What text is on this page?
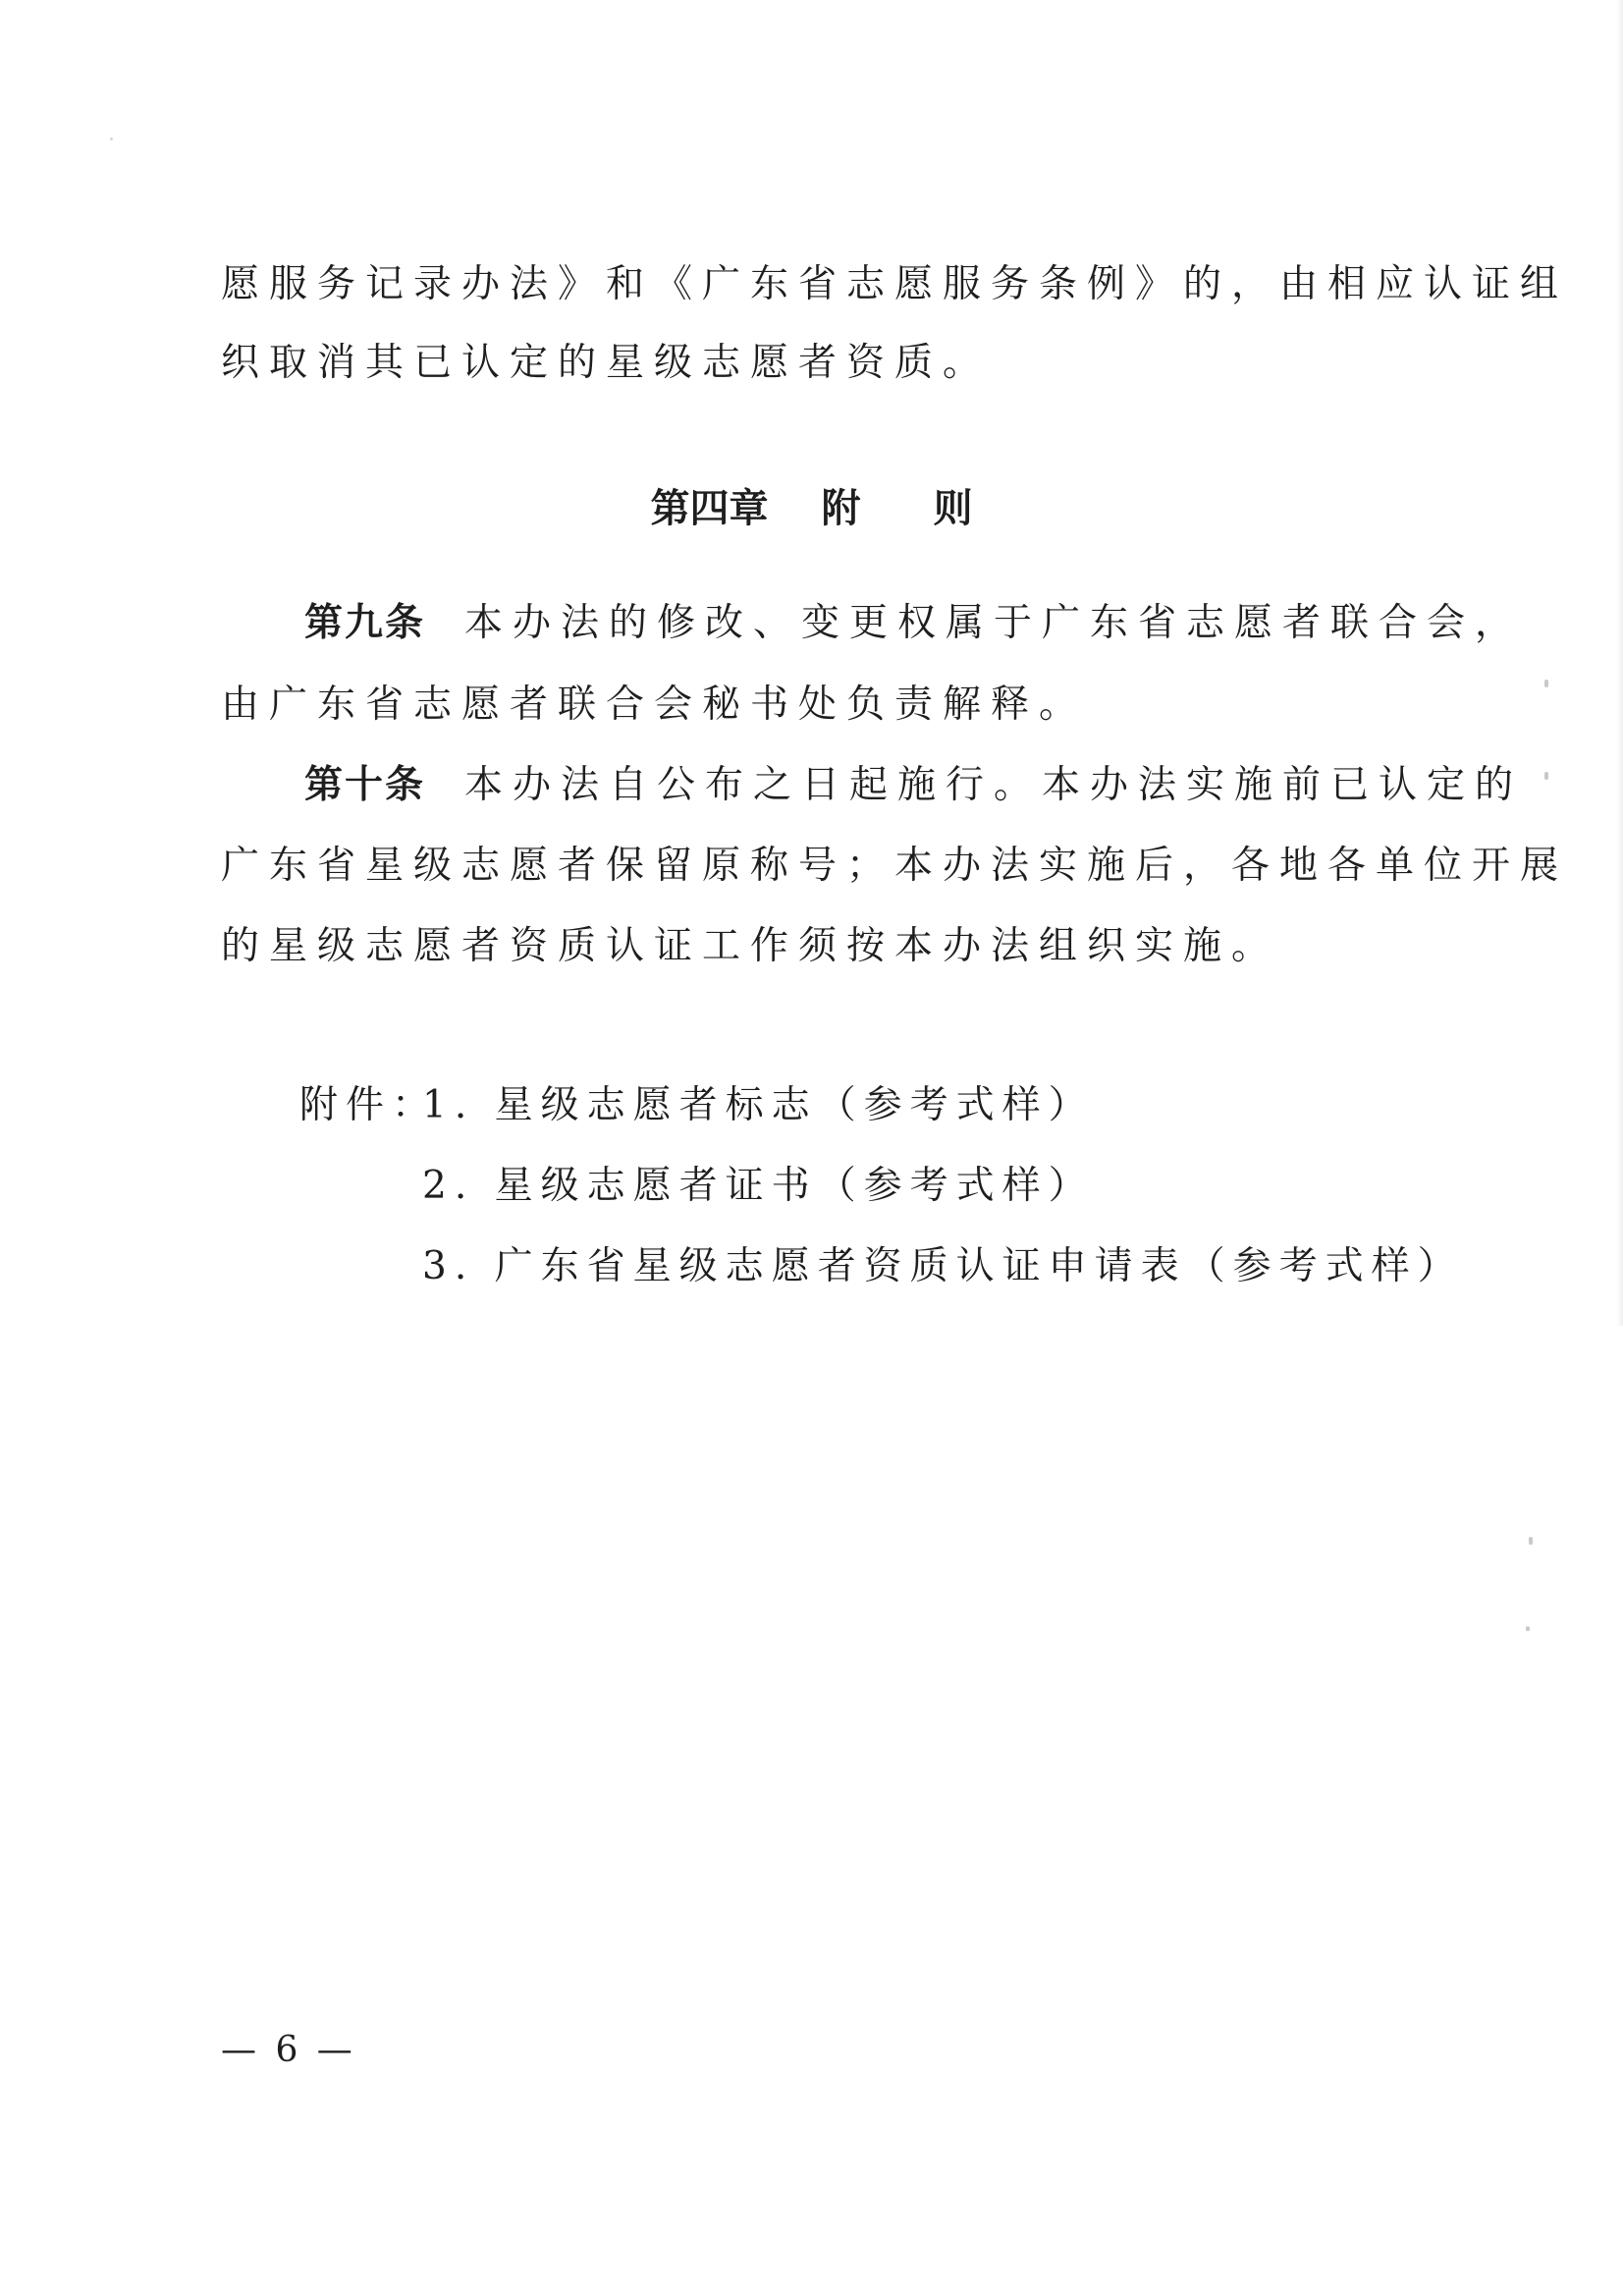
愿服务记录办法》和《广东省志愿服务条例》的，由相应认证组
织取消其已认定的星级志愿者资质。
第四章 附 则
第九条 本办法的修改、变更权属于广东省志愿者联合会，
由广东省志愿者联合会秘书处负责解释。
第十条 本办法自公布之日起施行。本办法实施前已认定的
广东省星级志愿者保留原称号；本办法实施后，各地各单位开展
的星级志愿者资质认证工作须按本办法组织实施。
附件：
1. 星级志愿者标志（参考式样）
2. 星级志愿者证书（参考式样）
3. 广东省星级志愿者资质认证申请表（参考式样）
— 6 —
